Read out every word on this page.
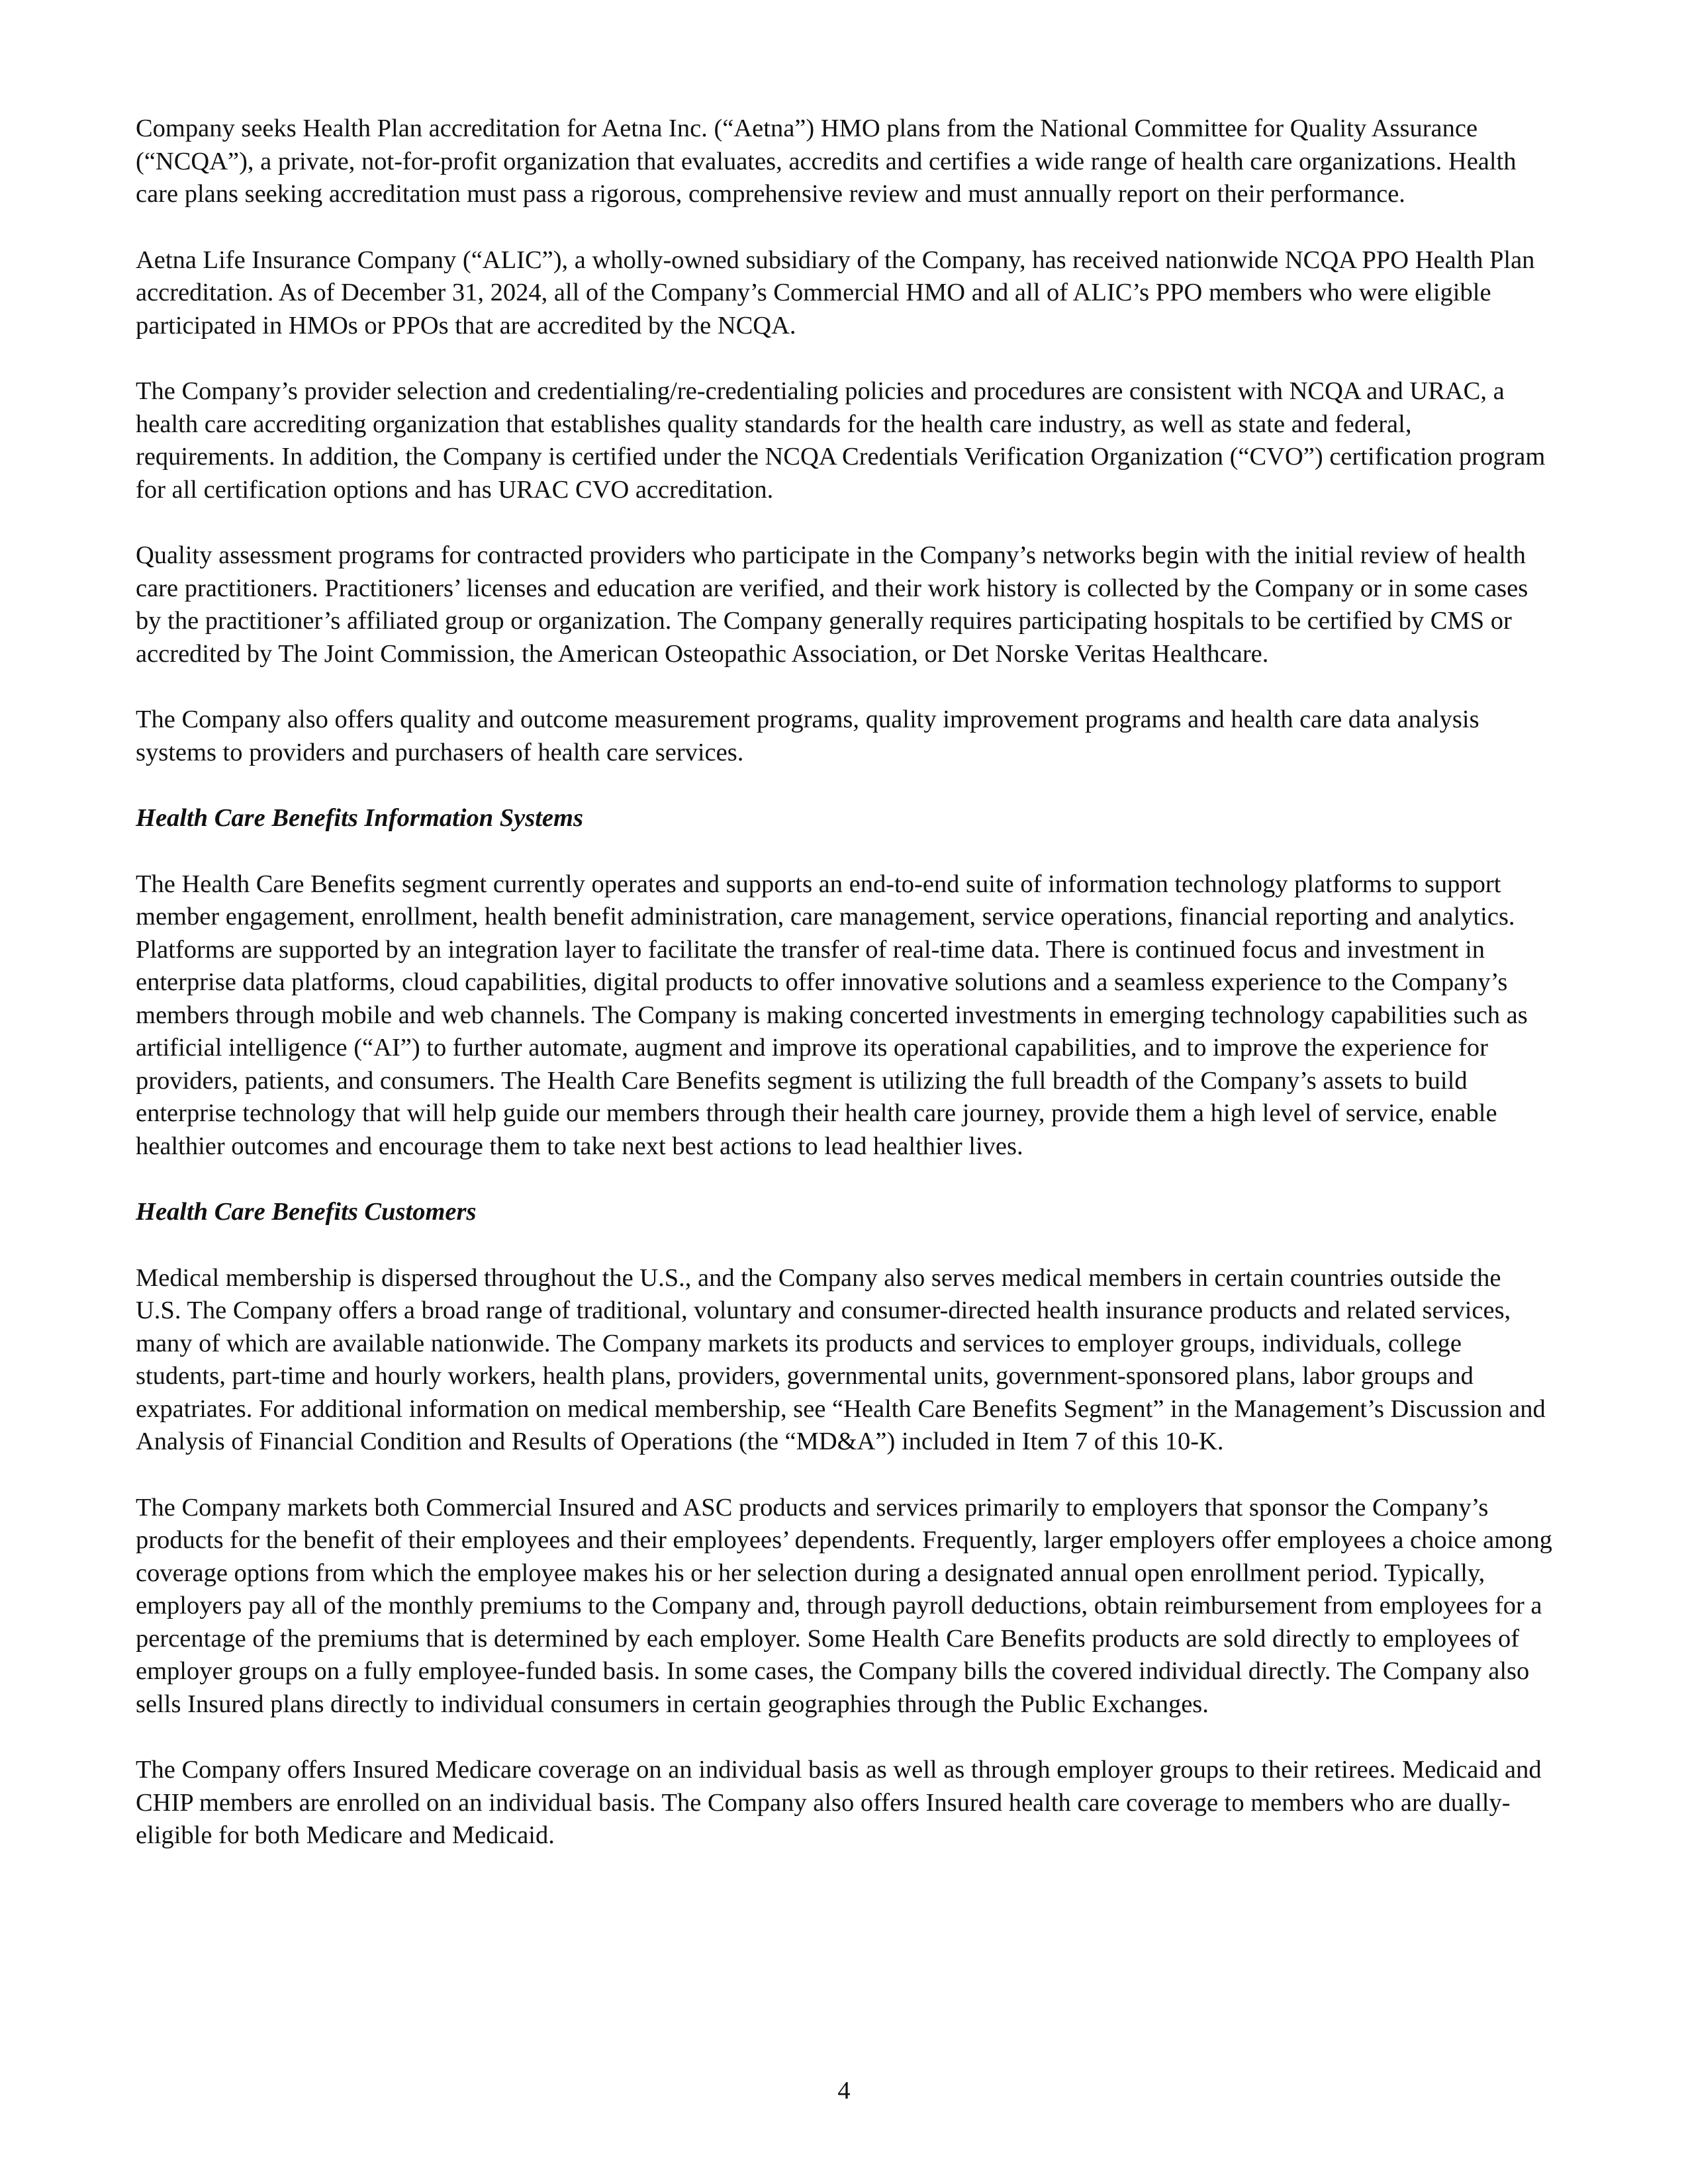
Company seeks Health Plan accreditation for Aetna Inc. (“Aetna”) HMO plans from the National Committee for Quality Assurance (“NCQA”), a private, not-for-profit organization that evaluates, accredits and certifies a wide range of health care organizations. Health care plans seeking accreditation must pass a rigorous, comprehensive review and must annually report on their performance.

Aetna Life Insurance Company (“ALIC”), a wholly-owned subsidiary of the Company, has received nationwide NCQA PPO Health Plan accreditation. As of December 31, 2024, all of the Company’s Commercial HMO and all of ALIC’s PPO members who were eligible participated in HMOs or PPOs that are accredited by the NCQA.

The Company’s provider selection and credentialing/re-credentialing policies and procedures are consistent with NCQA and URAC, a health care accrediting organization that establishes quality standards for the health care industry, as well as state and federal, requirements. In addition, the Company is certified under the NCQA Credentials Verification Organization (“CVO”) certification program for all certification options and has URAC CVO accreditation.

Quality assessment programs for contracted providers who participate in the Company’s networks begin with the initial review of health care practitioners. Practitioners’ licenses and education are verified, and their work history is collected by the Company or in some cases by the practitioner’s affiliated group or organization. The Company generally requires participating hospitals to be certified by CMS or accredited by The Joint Commission, the American Osteopathic Association, or Det Norske Veritas Healthcare.

The Company also offers quality and outcome measurement programs, quality improvement programs and health care data analysis systems to providers and purchasers of health care services.

Health Care Benefits Information Systems

The Health Care Benefits segment currently operates and supports an end-to-end suite of information technology platforms to support member engagement, enrollment, health benefit administration, care management, service operations, financial reporting and analytics. Platforms are supported by an integration layer to facilitate the transfer of real-time data. There is continued focus and investment in enterprise data platforms, cloud capabilities, digital products to offer innovative solutions and a seamless experience to the Company’s members through mobile and web channels. The Company is making concerted investments in emerging technology capabilities such as artificial intelligence (“AI”) to further automate, augment and improve its operational capabilities, and to improve the experience for providers, patients, and consumers. The Health Care Benefits segment is utilizing the full breadth of the Company’s assets to build enterprise technology that will help guide our members through their health care journey, provide them a high level of service, enable healthier outcomes and encourage them to take next best actions to lead healthier lives.

Health Care Benefits Customers

Medical membership is dispersed throughout the U.S., and the Company also serves medical members in certain countries outside the U.S. The Company offers a broad range of traditional, voluntary and consumer-directed health insurance products and related services, many of which are available nationwide. The Company markets its products and services to employer groups, individuals, college students, part-time and hourly workers, health plans, providers, governmental units, government-sponsored plans, labor groups and expatriates. For additional information on medical membership, see “Health Care Benefits Segment” in the Management’s Discussion and Analysis of Financial Condition and Results of Operations (the “MD&A”) included in Item 7 of this 10-K.

The Company markets both Commercial Insured and ASC products and services primarily to employers that sponsor the Company’s products for the benefit of their employees and their employees’ dependents. Frequently, larger employers offer employees a choice among coverage options from which the employee makes his or her selection during a designated annual open enrollment period. Typically, employers pay all of the monthly premiums to the Company and, through payroll deductions, obtain reimbursement from employees for a percentage of the premiums that is determined by each employer. Some Health Care Benefits products are sold directly to employees of employer groups on a fully employee-funded basis. In some cases, the Company bills the covered individual directly. The Company also sells Insured plans directly to individual consumers in certain geographies through the Public Exchanges.

The Company offers Insured Medicare coverage on an individual basis as well as through employer groups to their retirees. Medicaid and CHIP members are enrolled on an individual basis. The Company also offers Insured health care coverage to members who are dually-eligible for both Medicare and Medicaid.

4
